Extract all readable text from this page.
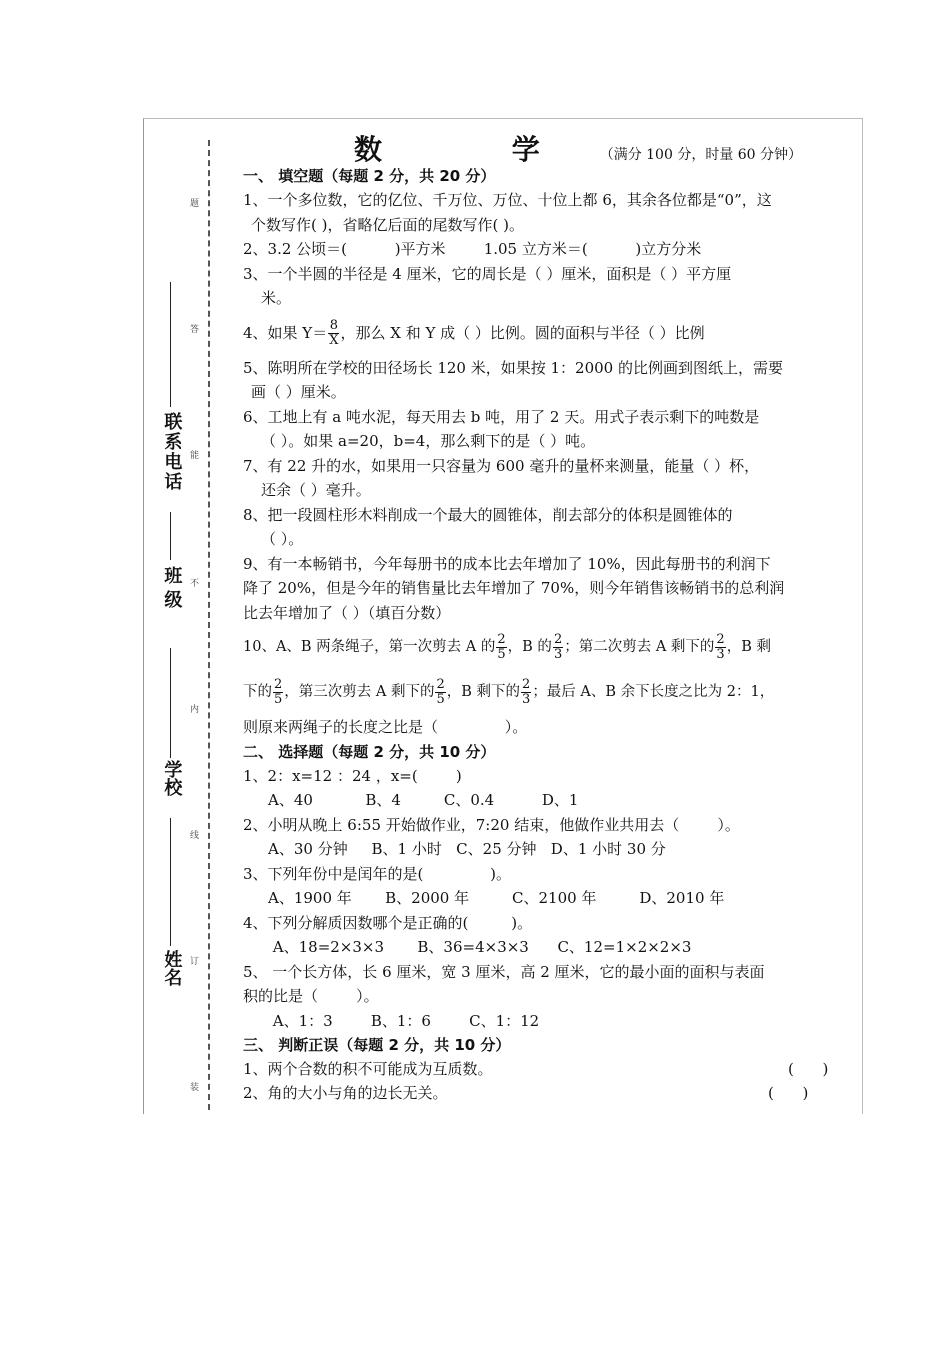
题
答
能
不
内
线
订
装
联系电话
班 级
学校
姓名
数 学（满分 100 分，时量 60 分钟）
一、 填空题（每题 2 分，共 20 分）
1、一个多位数，它的亿位、千万位、万位、十位上都 6，其余各位都是“0”，这
个数写作( )，省略亿后面的尾数写作( )。
2、3.2 公顷＝(          )平方米        1.05 立方米＝(          )立方分米
3、一个半圆的半径是 4 厘米，它的周长是（ ）厘米，面积是（ ）平方厘
米。
4、如果 $Y= \frac{8}{X}$ ，那么 X 和 Y 成（ ）比例。圆的面积与半径（ ）比例
5、陈明所在学校的田径场长 120 米，如果按 1：2000 的比例画到图纸上，需要
画（ ）厘米。
6、工地上有 a 吨水泥，每天用去 b 吨，用了 2 天。用式子表示剩下的吨数是
（ ）。如果 a=20，b=4，那么剩下的是（ ）吨。
7、有 22 升的水，如果用一只容量为 600 毫升的量杯来测量，能量（ ）杯，
还余（ ）毫升。
8、把一段圆柱形木料削成一个最大的圆锥体，削去部分的体积是圆锥体的
（ ）。
9、有一本畅销书，今年每册书的成本比去年增加了 10%，因此每册书的利润下
降了 20%，但是今年的销售量比去年增加了 70%，则今年销售该畅销书的总利润
比去年增加了（ ）（填百分数）
10、A、B 两条绳子，第一次剪去 A 的 $\frac{2}{5}$ ，B 的 $\frac{2}{3}$ ；第二次剪去 A 剩下的 $\frac{2}{3}$ ，B 剩
下的 $\frac{2}{5}$ ，第三次剪去 A 剩下的 $\frac{2}{5}$ ，B 剩下的 $\frac{2}{3}$ ；最后 A、B 余下长度之比为 2：1，
则原来两绳子的长度之比是（              ）。
二、 选择题（每题 2 分，共 10 分）
1、2：x=12 ：24 ，x=(        )
A、40           B、4         C、0.4          D、1
2、小明从晚上 6:55 开始做作业，7:20 结束，他做作业共用去（        ）。
A、30 分钟     B、1 小时   C、25 分钟   D、1 小时 30 分
3、下列年份中是闰年的是(              )。
A、1900 年       B、2000 年         C、2100 年         D、2010 年
4、下列分解质因数哪个是正确的(         )。
A、18=2×3×3       B、36=4×3×3      C、12=1×2×2×3
5、 一个长方体，长 6 厘米，宽 3 厘米，高 2 厘米，它的最小面的面积与表面
积的比是（        ）。
A、1：3        B、1：6        C、1：12
三、 判断正误（每题 2 分，共 10 分）
1、两个合数的积不可能成为互质数。	(      )
2、角的大小与角的边长无关。	(      )
